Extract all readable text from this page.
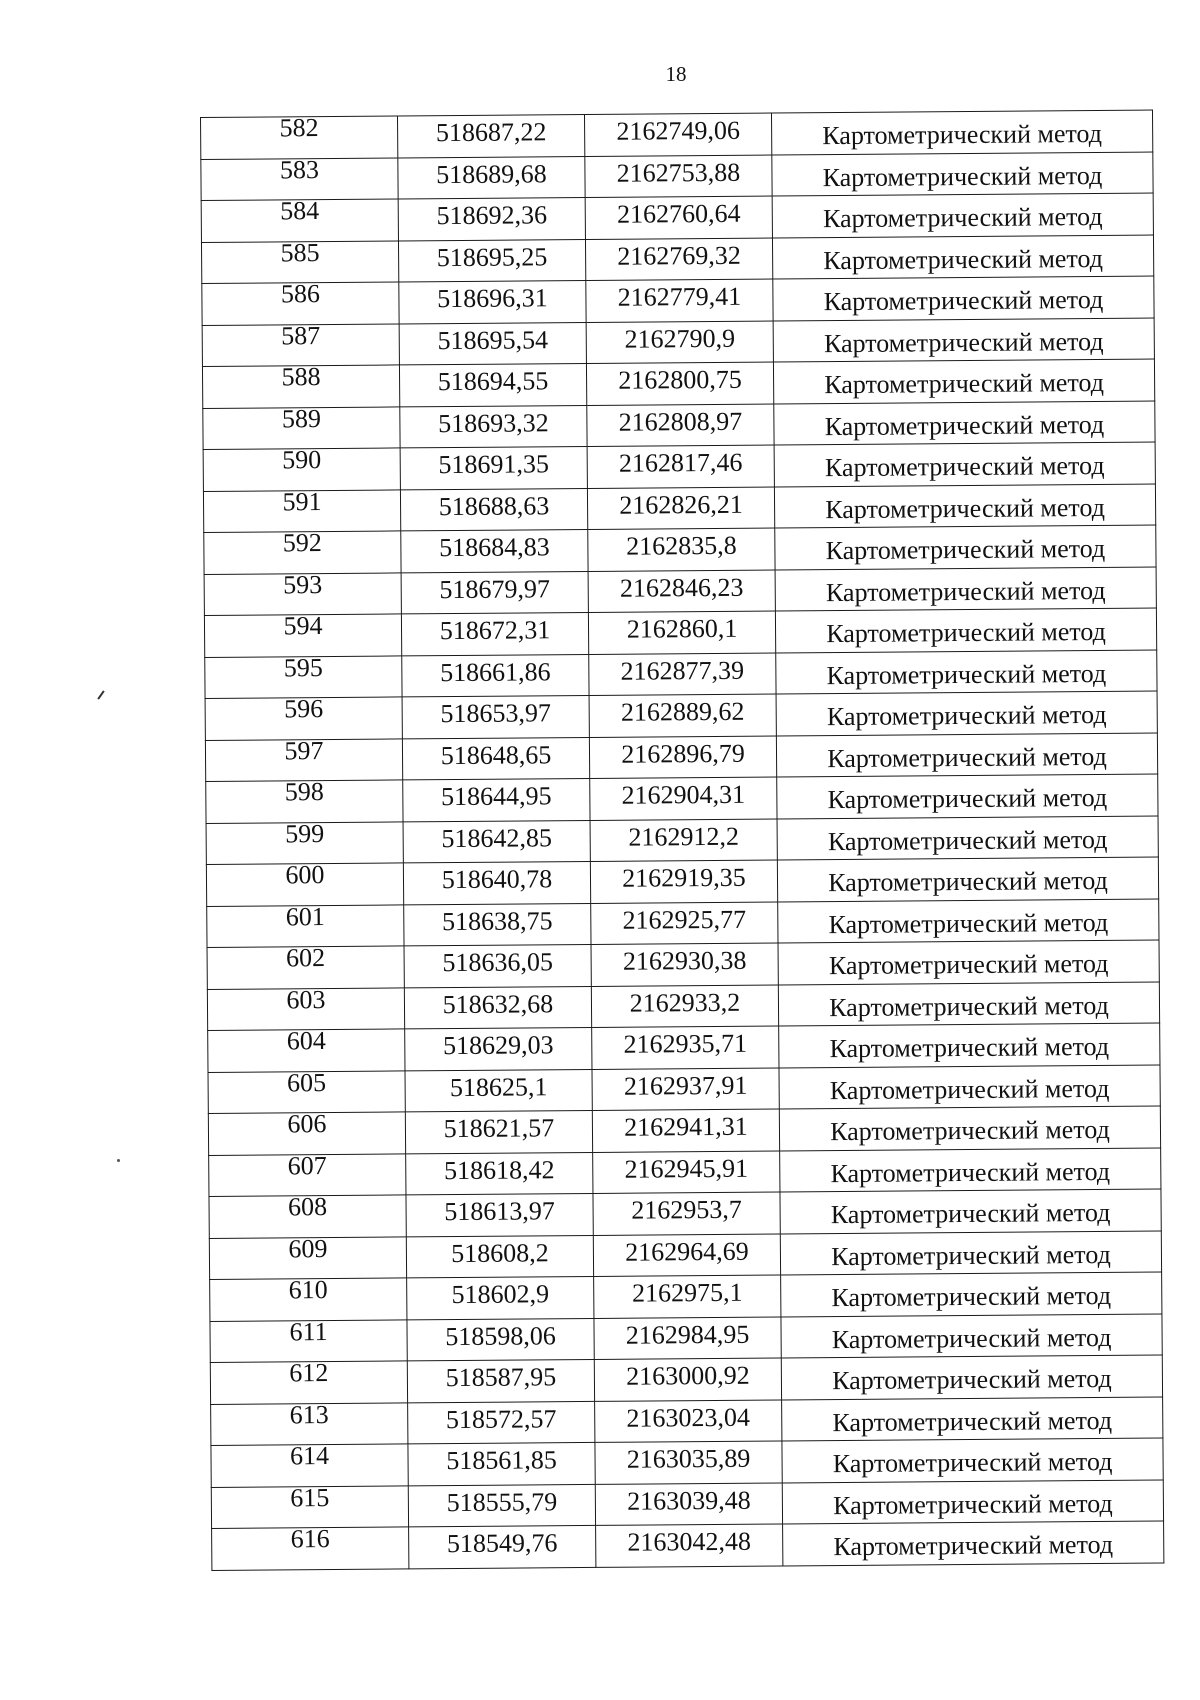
18
582	518687,22	2162749,06	Картометрический метод
583	518689,68	2162753,88	Картометрический метод
584	518692,36	2162760,64	Картометрический метод
585	518695,25	2162769,32	Картометрический метод
586	518696,31	2162779,41	Картометрический метод
587	518695,54	2162790,9	Картометрический метод
588	518694,55	2162800,75	Картометрический метод
589	518693,32	2162808,97	Картометрический метод
590	518691,35	2162817,46	Картометрический метод
591	518688,63	2162826,21	Картометрический метод
592	518684,83	2162835,8	Картометрический метод
593	518679,97	2162846,23	Картометрический метод
594	518672,31	2162860,1	Картометрический метод
595	518661,86	2162877,39	Картометрический метод
596	518653,97	2162889,62	Картометрический метод
597	518648,65	2162896,79	Картометрический метод
598	518644,95	2162904,31	Картометрический метод
599	518642,85	2162912,2	Картометрический метод
600	518640,78	2162919,35	Картометрический метод
601	518638,75	2162925,77	Картометрический метод
602	518636,05	2162930,38	Картометрический метод
603	518632,68	2162933,2	Картометрический метод
604	518629,03	2162935,71	Картометрический метод
605	518625,1	2162937,91	Картометрический метод
606	518621,57	2162941,31	Картометрический метод
607	518618,42	2162945,91	Картометрический метод
608	518613,97	2162953,7	Картометрический метод
609	518608,2	2162964,69	Картометрический метод
610	518602,9	2162975,1	Картометрический метод
611	518598,06	2162984,95	Картометрический метод
612	518587,95	2163000,92	Картометрический метод
613	518572,57	2163023,04	Картометрический метод
614	518561,85	2163035,89	Картометрический метод
615	518555,79	2163039,48	Картометрический метод
616	518549,76	2163042,48	Картометрический метод
